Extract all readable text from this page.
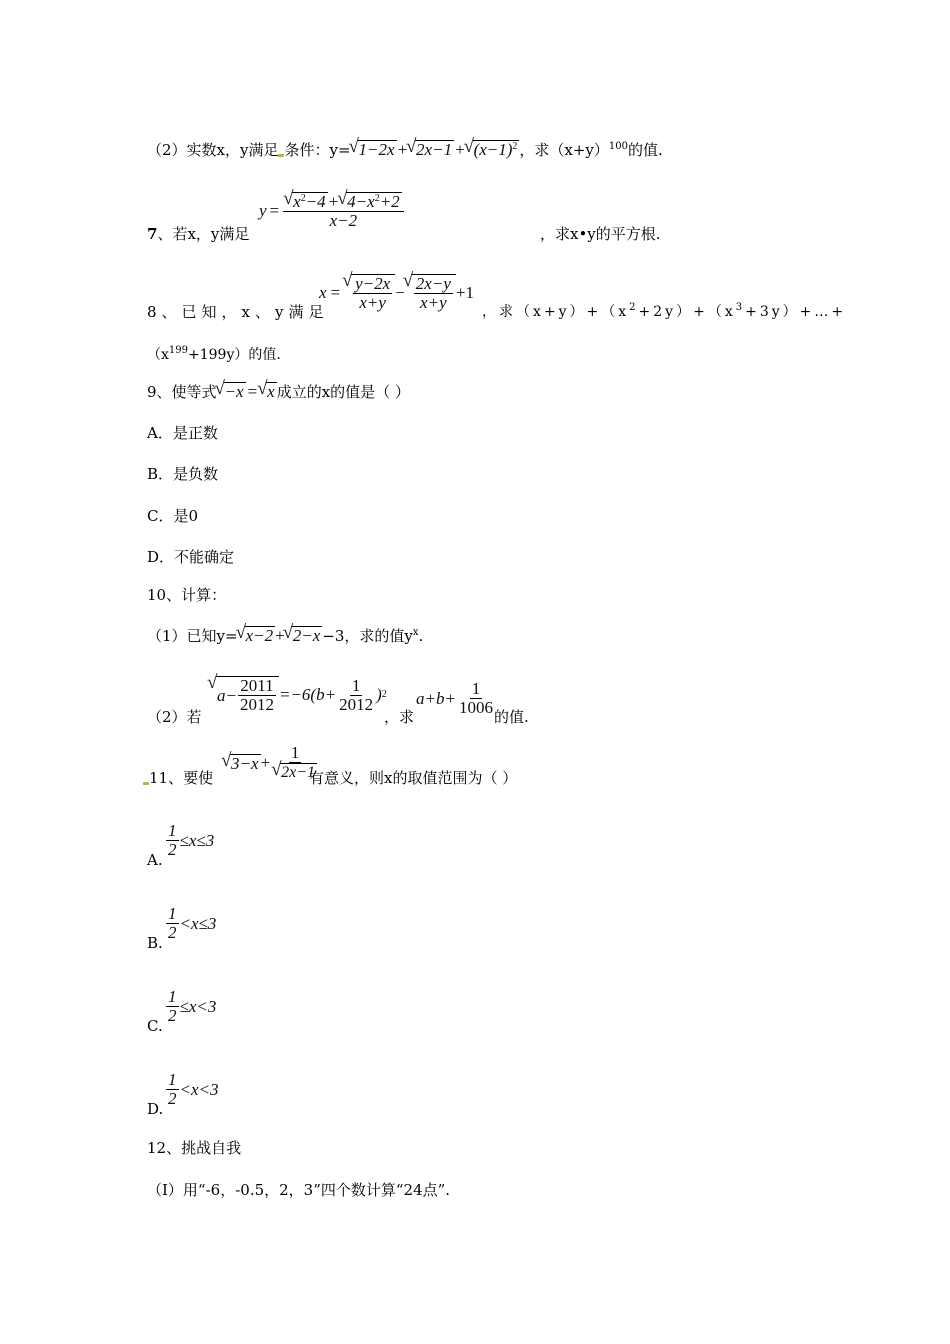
（2）实数x，y满足 条件：y= √ 1−2x + √ 2x−1 + √ $(x-1)^2$ ，求$(x+y)^{100}$的值.
7、若x，y满足
y = √ $\frac{x^2-4 + √ 4-x^2+2}{x-2}$
，求x•y的平方根.
8、已知，x、y满足
x = √ $\frac{y-2x}{x+y}$ − √ $\frac{2x-y}{x+y} +1$
，求$(x+y)+(x^2+2y)+(x^3+3y)+\dots+$
$(x^{199}+199y)$的值.
9、使等式 √ −x = √ x 成立的x的值是（ ）
A．是正数
B．是负数
C．是0
D．不能确定
10、计算：
（1）已知y= √ x−2 + √ 2−x −3，求的值$y^x$.
（2）若
√ $a- \frac{2011}{2012} =-6(b+ \frac{1}{2012}$ ) 2
，求
$a+b+ \frac{1}{1006}$ 的值.
11、要使
√ 3−x + 1
√ 2x−1
有意义，则x的取值范围为（ ）
A.
$\frac{1}{2} \le x \le 3$
B.
$\frac{1}{2} < x \le 3$
C.
$\frac{1}{2} \le x < 3$
D.
$\frac{1}{2} < x < 3$
12、挑战自我
（Ⅰ）用“-6，-0.5，2，3”四个数计算“24点”.
